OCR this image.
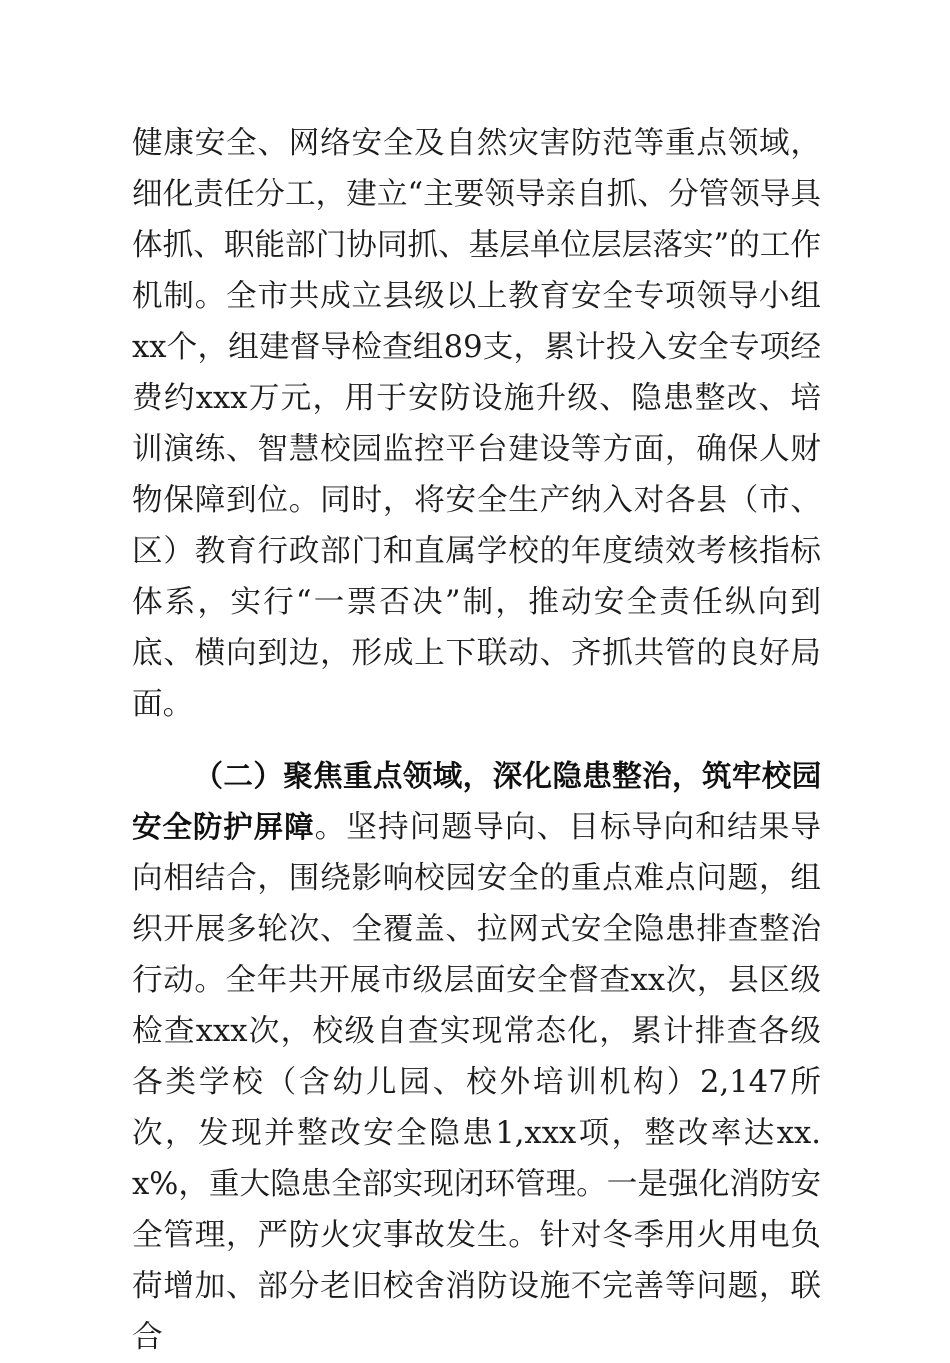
健康安全、网络安全及自然灾害防范等重点领域，细化责任分工，建立“主要领导亲自抓、分管领导具体抓、职能部门协同抓、基层单位层层落实”的工作机制。全市共成立县级以上教育安全专项领导小组xx个，组建督导检查组89支，累计投入安全专项经费约xxx万元，用于安防设施升级、隐患整改、培训演练、智慧校园监控平台建设等方面，确保人财物保障到位。同时，将安全生产纳入对各县（市、区）教育行政部门和直属学校的年度绩效考核指标体系，实行“一票否决”制，推动安全责任纵向到底、横向到边，形成上下联动、齐抓共管的良好局面。

（二）聚焦重点领域，深化隐患整治，筑牢校园安全防护屏障。坚持问题导向、目标导向和结果导向相结合，围绕影响校园安全的重点难点问题，组织开展多轮次、全覆盖、拉网式安全隐患排查整治行动。全年共开展市级层面安全督查xx次，县区级检查xxx次，校级自查实现常态化，累计排查各级各类学校（含幼儿园、校外培训机构）2,147所次，发现并整改安全隐患1,xxx项，整改率达xx.x%，重大隐患全部实现闭环管理。一是强化消防安全管理，严防火灾事故发生。针对冬季用火用电负荷增加、部分老旧校舍消防设施不完善等问题，联合
